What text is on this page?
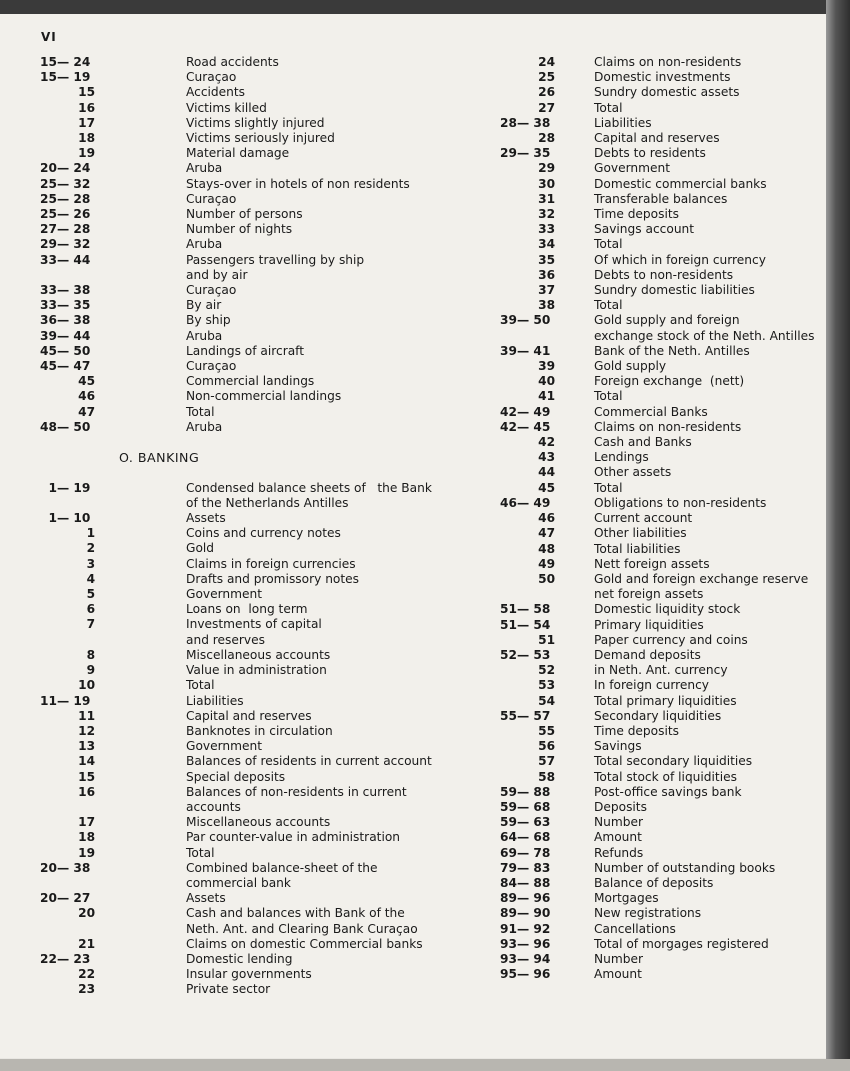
VI
15— 24	Road accidents
15— 19	Curaçao
15	Accidents
16	Victims killed
17	Victims slightly injured
18	Victims seriously injured
19	Material damage
20— 24	Aruba
25— 32	Stays-over in hotels of non residents
25— 28	Curaçao
25— 26	Number of persons
27— 28	Number of nights
29— 32	Aruba
33— 44	Passengers travelling by ship
and by air
33— 38	Curaçao
33— 35	By air
36— 38	By ship
39— 44	Aruba
45— 50	Landings of aircraft
45— 47	Curaçao
45	Commercial landings
46	Non-commercial landings
47	Total
48— 50	Aruba
O. BANKING
1— 19	Condensed balance sheets of   the Bank
of the Netherlands Antilles
1— 10	Assets
1	Coins and currency notes
2	Gold
3	Claims in foreign currencies
4	Drafts and promissory notes
5	Government
6	Loans on  long term
7	Investments of capital
and reserves
8	Miscellaneous accounts
9	Value in administration
10	Total
11— 19	Liabilities
11	Capital and reserves
12	Banknotes in circulation
13	Government
14	Balances of residents in current account
15	Special deposits
16	Balances of non-residents in current
accounts
17	Miscellaneous accounts
18	Par counter-value in administration
19	Total
20— 38	Combined balance-sheet of the
commercial bank
20— 27	Assets
20	Cash and balances with Bank of the
Neth. Ant. and Clearing Bank Curaçao
21	Claims on domestic Commercial banks
22— 23	Domestic lending
22	Insular governments
23	Private sector
24	Claims on non-residents
25	Domestic investments
26	Sundry domestic assets
27	Total
28— 38	Liabilities
28	Capital and reserves
29— 35	Debts to residents
29	Government
30	Domestic commercial banks
31	Transferable balances
32	Time deposits
33	Savings account
34	Total
35	Of which in foreign currency
36	Debts to non-residents
37	Sundry domestic liabilities
38	Total
39— 50	Gold supply and foreign
exchange stock of the Neth. Antilles
39— 41	Bank of the Neth. Antilles
39	Gold supply
40	Foreign exchange  (nett)
41	Total
42— 49	Commercial Banks
42— 45	Claims on non-residents
42	Cash and Banks
43	Lendings
44	Other assets
45	Total
46— 49	Obligations to non-residents
46	Current account
47	Other liabilities
48	Total liabilities
49	Nett foreign assets
50	Gold and foreign exchange reserve
net foreign assets
51— 58	Domestic liquidity stock
51— 54	Primary liquidities
51	Paper currency and coins
52— 53	Demand deposits
52	in Neth. Ant. currency
53	In foreign currency
54	Total primary liquidities
55— 57	Secondary liquidities
55	Time deposits
56	Savings
57	Total secondary liquidities
58	Total stock of liquidities
59— 88	Post-office savings bank
59— 68	Deposits
59— 63	Number
64— 68	Amount
69— 78	Refunds
79— 83	Number of outstanding books
84— 88	Balance of deposits
89— 96	Mortgages
89— 90	New registrations
91— 92	Cancellations
93— 96	Total of morgages registered
93— 94	Number
95— 96	Amount
